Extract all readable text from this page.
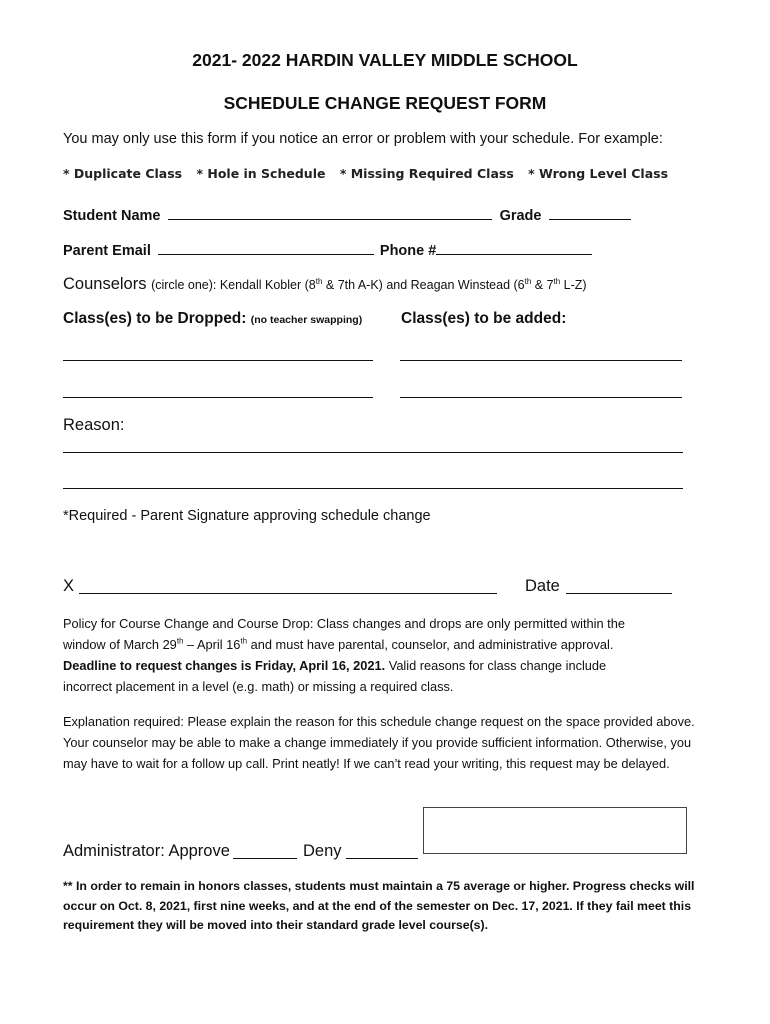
2021- 2022 HARDIN VALLEY MIDDLE SCHOOL
SCHEDULE CHANGE REQUEST FORM
You may only use this form if you notice an error or problem with your schedule. For example:
* Duplicate Class * Hole in Schedule * Missing Required Class * Wrong Level Class
Student Name	Grade
Parent Email	Phone #
Counselors (circle one): Kendall Kobler (8th & 7th A-K) and Reagan Winstead (6th & 7th L-Z)
Class(es) to be Dropped: (no teacher swapping)	Class(es) to be added:
Reason:
*Required - Parent Signature approving schedule change
X	Date
Policy for Course Change and Course Drop: Class changes and drops are only permitted within the
window of March 29th – April 16th and must have parental, counselor, and administrative approval.
Deadline to request changes is Friday, April 16, 2021. Valid reasons for class change include
incorrect placement in a level (e.g. math) or missing a required class.
Explanation required: Please explain the reason for this schedule change request on the space provided above. Your counselor may be able to make a change immediately if you provide sufficient information. Otherwise, you may have to wait for a follow up call. Print neatly! If we can’t read your writing, this request may be delayed.
Administrator: Approve	Deny
** In order to remain in honors classes, students must maintain a 75 average or higher. Progress checks will occur on Oct. 8, 2021, first nine weeks, and at the end of the semester on Dec. 17, 2021. If they fail meet this requirement they will be moved into their standard grade level course(s).
